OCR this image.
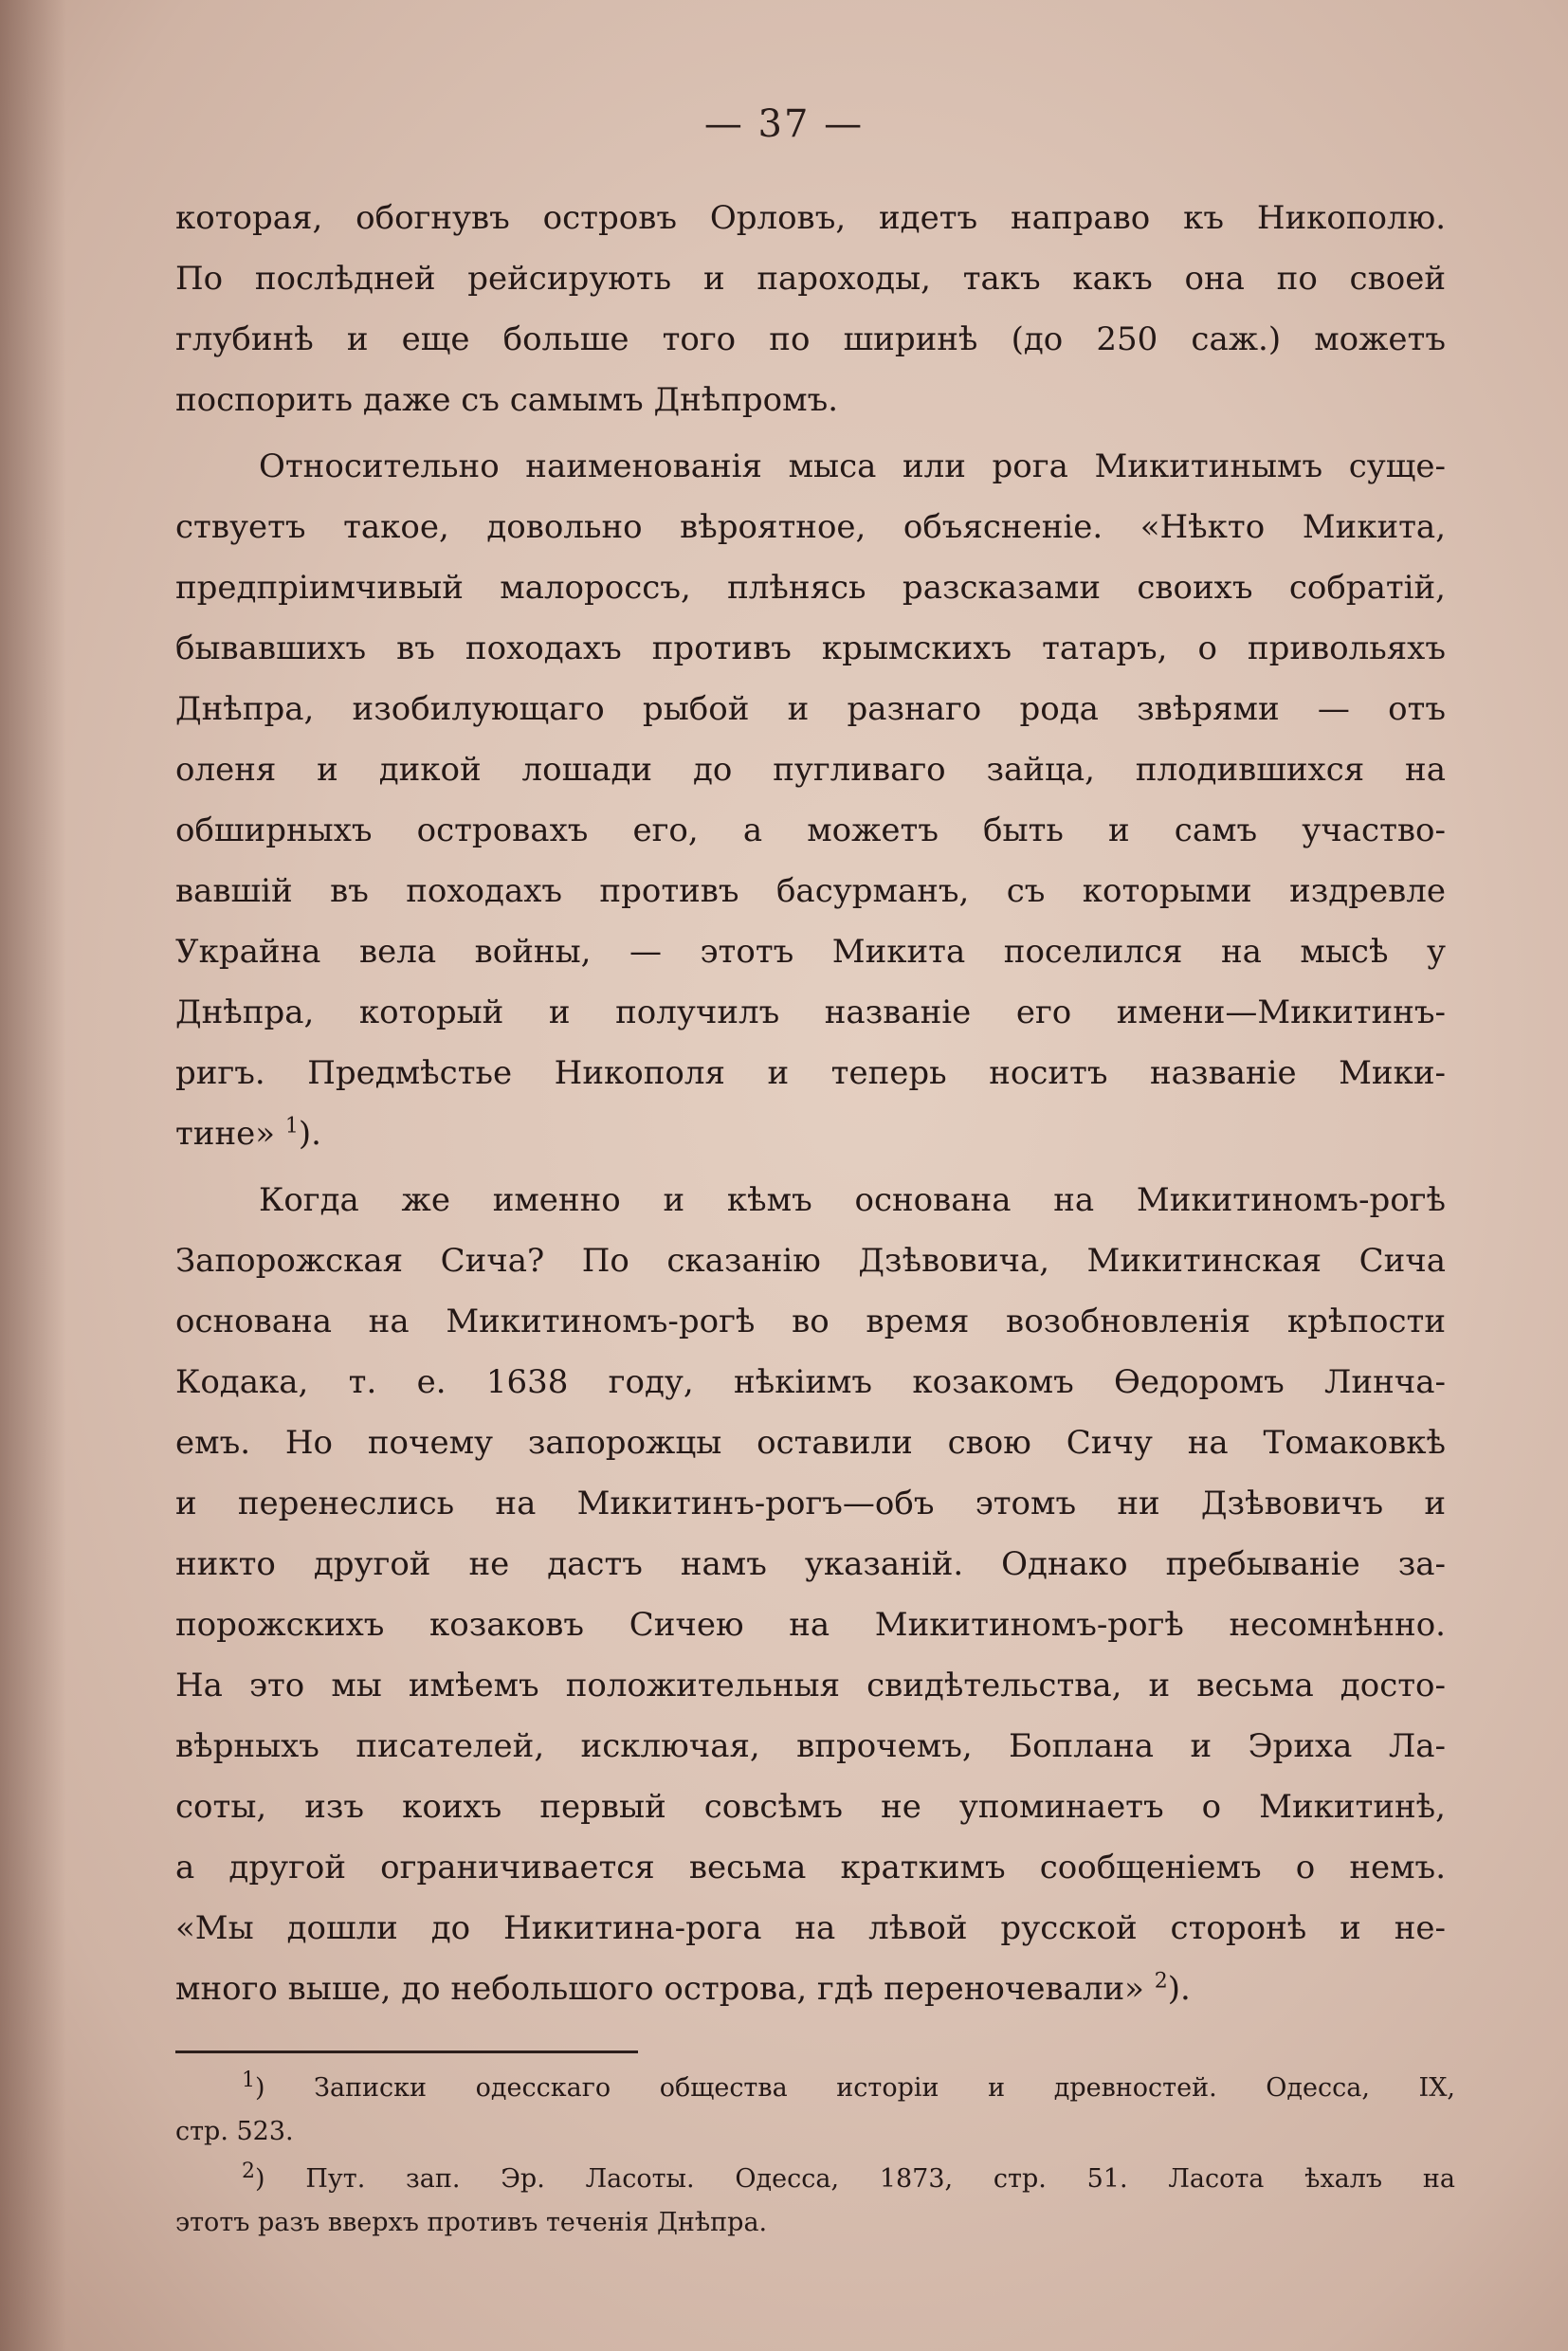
— 37 —
которая, обогнувъ островъ Орловъ, идетъ направо къ Никополю.
По послѣдней рейсирують и пароходы, такъ какъ она по своей
глубинѣ и еще больше того по ширинѣ (до 250 саж.) можетъ
поспорить даже съ самымъ Днѣпромъ.
Относительно наименованія мыса или рога Микитинымъ суще-
ствуетъ такое, довольно вѣроятное, объясненіе. «Нѣкто Микита,
предпріимчивый малороссъ, плѣнясь разсказами своихъ собратій,
бывавшихъ въ походахъ противъ крымскихъ татаръ, о привольяхъ
Днѣпра, изобилующаго рыбой и разнаго рода звѣрями — отъ
оленя и дикой лошади до пугливаго зайца, плодившихся на
обширныхъ островахъ его, а можетъ быть и самъ участво-
вавшій въ походахъ противъ басурманъ, съ которыми издревле
Украйна вела войны, — этотъ Микита поселился на мысѣ у
Днѣпра, который и получилъ названіе его имени—Микитинъ-
ригъ. Предмѣстье Никополя и теперь носитъ названіе Мики-
тине» $^1$).
Когда же именно и кѣмъ основана на Микитиномъ-рогѣ
Запорожская Сича? По сказанію Дзѣвовича, Микитинская Сича
основана на Микитиномъ-рогѣ во время возобновленія крѣпости
Кодака, т. е. 1638 году, нѣкіимъ козакомъ Ѳедоромъ Линча-
емъ. Но почему запорожцы оставили свою Сичу на Томаковкѣ
и перенеслись на Микитинъ-рогъ—объ этомъ ни Дзѣвовичъ и
никто другой не дастъ намъ указаній. Однако пребываніе за-
порожскихъ козаковъ Сичею на Микитиномъ-рогѣ несомнѣнно.
На это мы имѣемъ положительныя свидѣтельства, и весьма досто-
вѣрныхъ писателей, исключая, впрочемъ, Боплана и Эриха Ла-
соты, изъ коихъ первый совсѣмъ не упоминаетъ о Микитинѣ,
а другой ограничивается весьма краткимъ сообщеніемъ о немъ.
«Мы дошли до Никитина-рога на лѣвой русской сторонѣ и не-
много выше, до небольшого острова, гдѣ переночевали» $^2$).
$^1$) Записки одесскаго общества исторіи и древностей. Одесса, IX,
стр. 523.
$^2$) Пут. зап. Эр. Ласоты. Одесса, 1873, стр. 51. Ласота ѣхалъ на
этотъ разъ вверхъ противъ теченія Днѣпра.
